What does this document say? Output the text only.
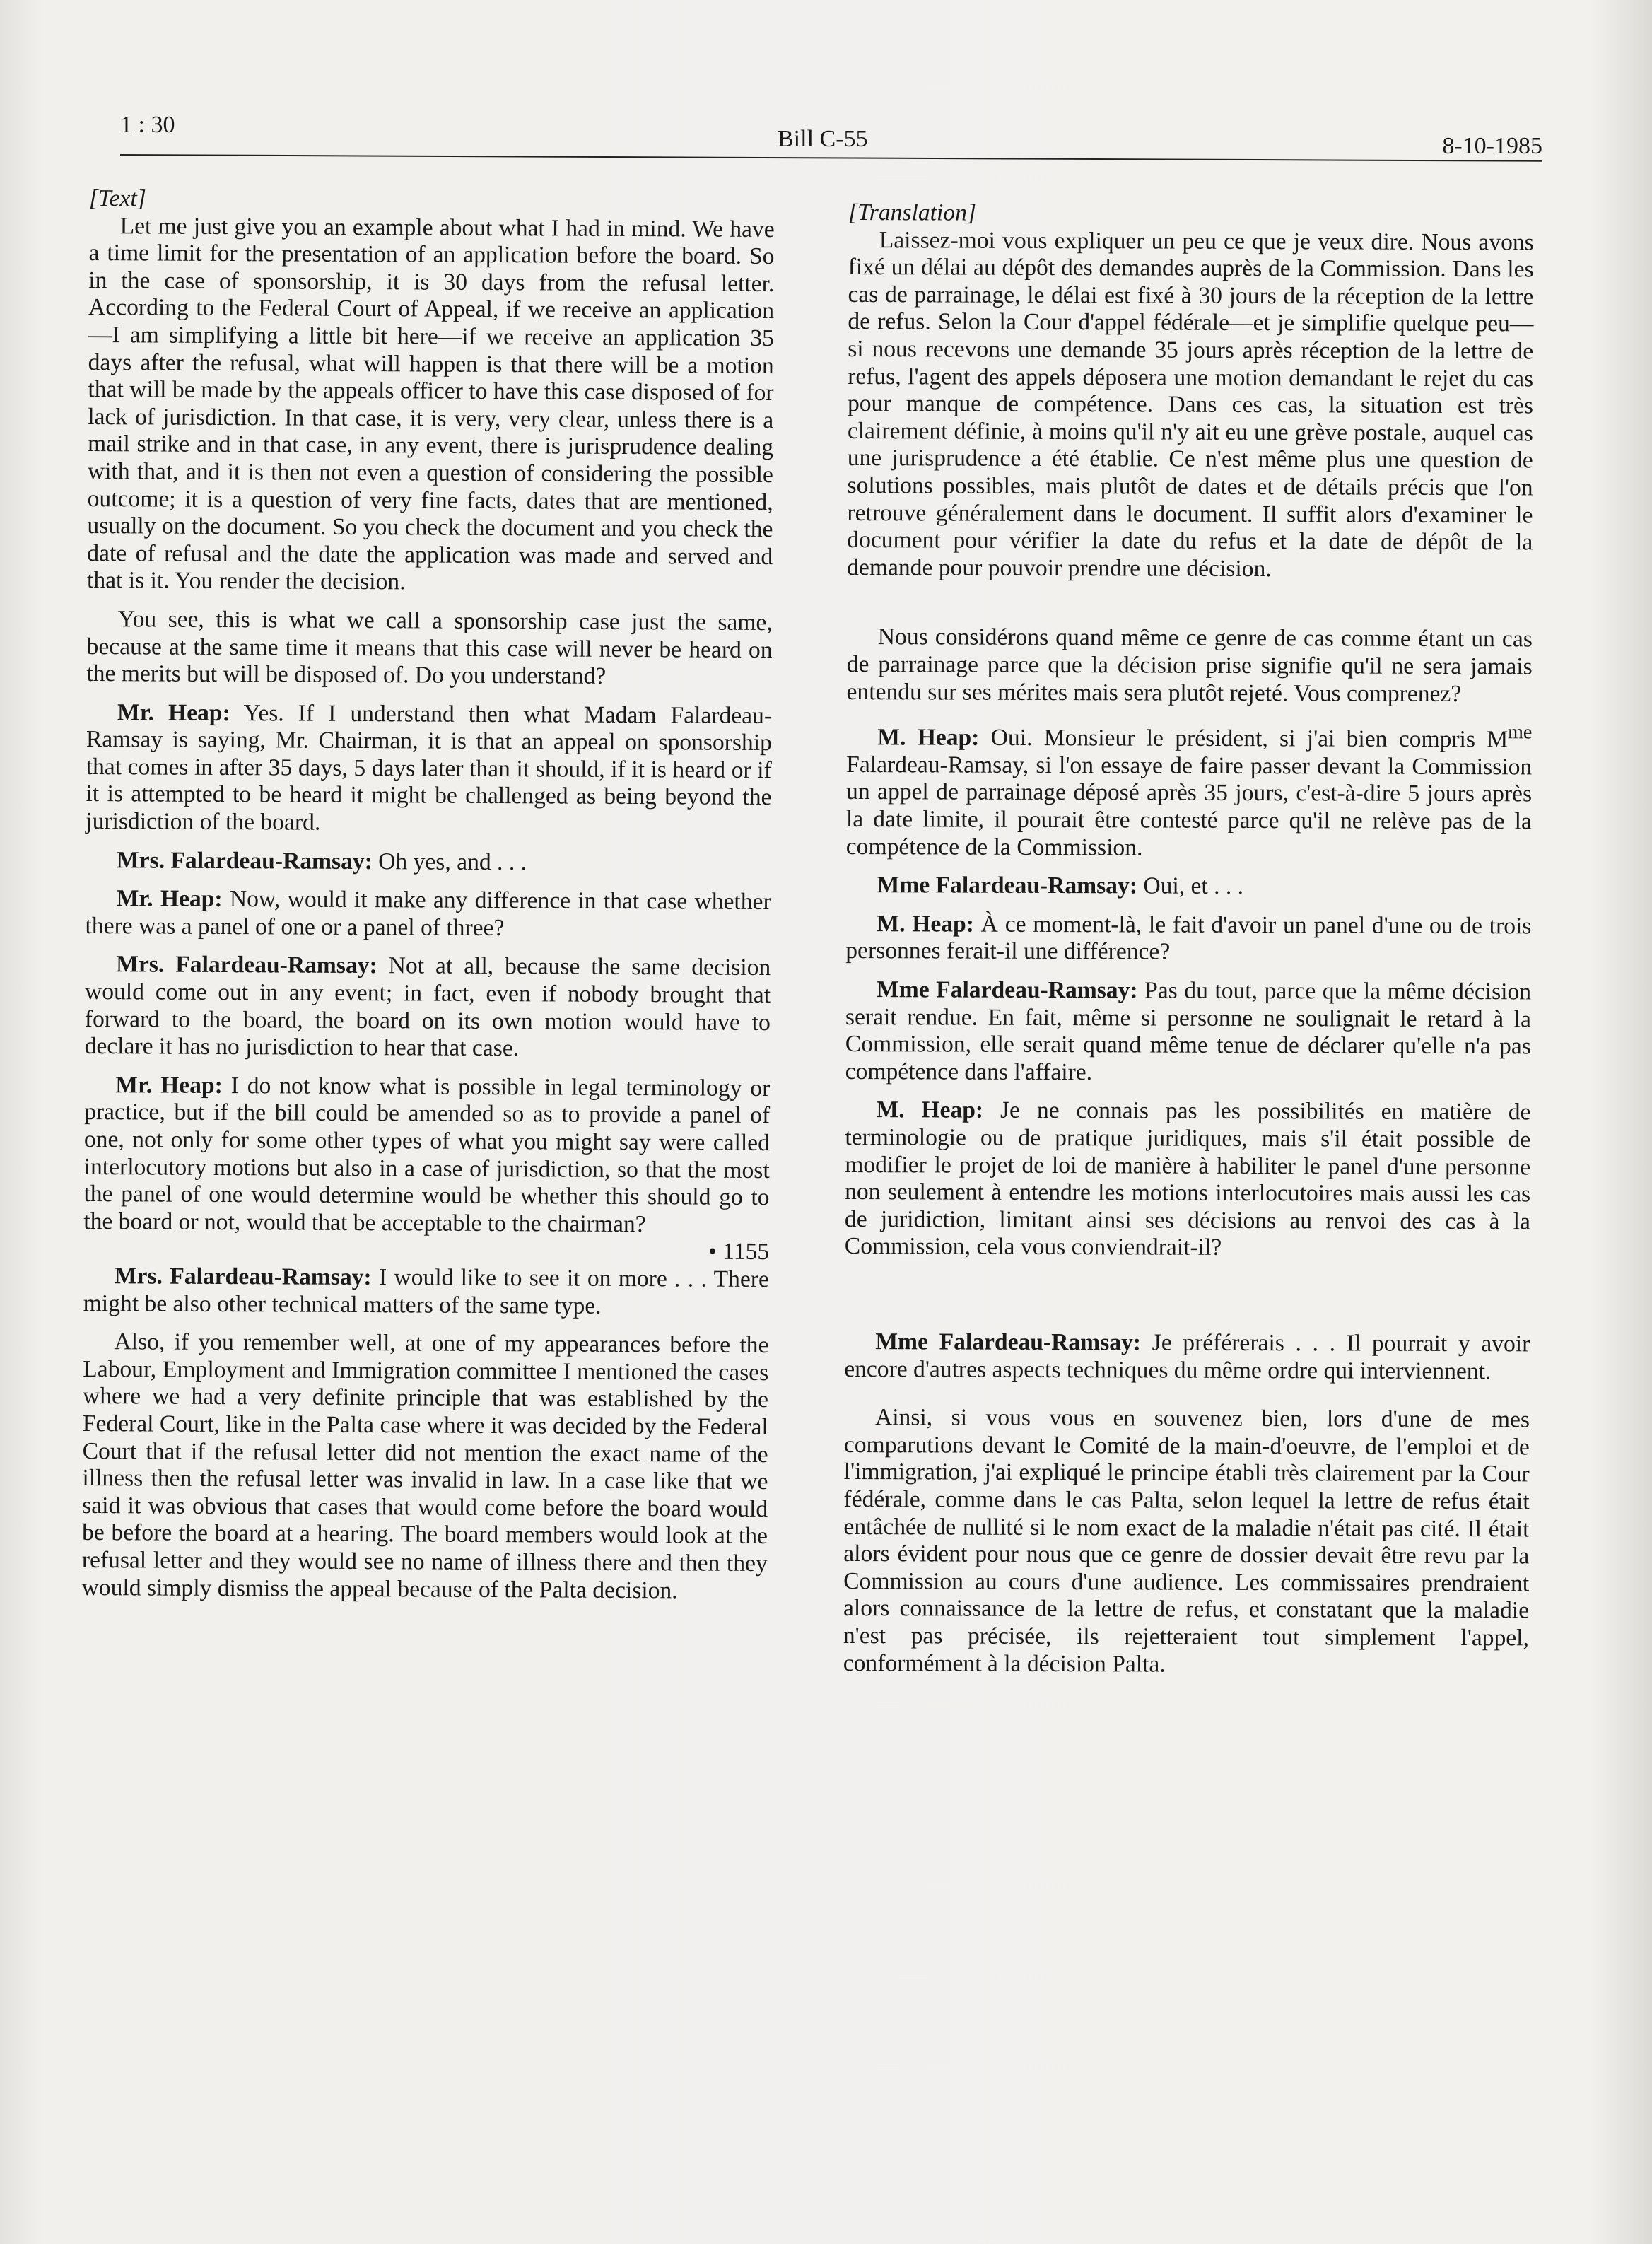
1 : 30
Bill C-55	8-10-1985

[Text]

Let me just give you an example about what I had in mind. We have a time limit for the presentation of an application before the board. So in the case of sponsorship, it is 30 days from the refusal letter. According to the Federal Court of Appeal, if we receive an application—I am simplifying a little bit here—if we receive an application 35 days after the refusal, what will happen is that there will be a motion that will be made by the appeals officer to have this case disposed of for lack of jurisdiction. In that case, it is very, very clear, unless there is a mail strike and in that case, in any event, there is jurisprudence dealing with that, and it is then not even a question of considering the possible outcome; it is a question of very fine facts, dates that are mentioned, usually on the document. So you check the document and you check the date of refusal and the date the application was made and served and that is it. You render the decision.

You see, this is what we call a sponsorship case just the same, because at the same time it means that this case will never be heard on the merits but will be disposed of. Do you understand?

Mr. Heap: Yes. If I understand then what Madam Falardeau-Ramsay is saying, Mr. Chairman, it is that an appeal on sponsorship that comes in after 35 days, 5 days later than it should, if it is heard or if it is attempted to be heard it might be challenged as being beyond the jurisdiction of the board.

Mrs. Falardeau-Ramsay: Oh yes, and . . .

Mr. Heap: Now, would it make any difference in that case whether there was a panel of one or a panel of three?

Mrs. Falardeau-Ramsay: Not at all, because the same decision would come out in any event; in fact, even if nobody brought that forward to the board, the board on its own motion would have to declare it has no jurisdiction to hear that case.

Mr. Heap: I do not know what is possible in legal terminology or practice, but if the bill could be amended so as to provide a panel of one, not only for some other types of what you might say were called interlocutory motions but also in a case of jurisdiction, so that the most the panel of one would determine would be whether this should go to the board or not, would that be acceptable to the chairman?

• 1155

Mrs. Falardeau-Ramsay: I would like to see it on more . . . There might be also other technical matters of the same type.

Also, if you remember well, at one of my appearances before the Labour, Employment and Immigration committee I mentioned the cases where we had a very definite principle that was established by the Federal Court, like in the Palta case where it was decided by the Federal Court that if the refusal letter did not mention the exact name of the illness then the refusal letter was invalid in law. In a case like that we said it was obvious that cases that would come before the board would be before the board at a hearing. The board members would look at the refusal letter and they would see no name of illness there and then they would simply dismiss the appeal because of the Palta decision.

[Translation]

Laissez-moi vous expliquer un peu ce que je veux dire. Nous avons fixé un délai au dépôt des demandes auprès de la Commission. Dans les cas de parrainage, le délai est fixé à 30 jours de la réception de la lettre de refus. Selon la Cour d'appel fédérale—et je simplifie quelque peu—si nous recevons une demande 35 jours après réception de la lettre de refus, l'agent des appels déposera une motion demandant le rejet du cas pour manque de compétence. Dans ces cas, la situation est très clairement définie, à moins qu'il n'y ait eu une grève postale, auquel cas une jurisprudence a été établie. Ce n'est même plus une question de solutions possibles, mais plutôt de dates et de détails précis que l'on retrouve généralement dans le document. Il suffit alors d'examiner le document pour vérifier la date du refus et la date de dépôt de la demande pour pouvoir prendre une décision.

Nous considérons quand même ce genre de cas comme étant un cas de parrainage parce que la décision prise signifie qu'il ne sera jamais entendu sur ses mérites mais sera plutôt rejeté. Vous comprenez?

M. Heap: Oui. Monsieur le président, si j'ai bien compris $M^{me}$ Falardeau-Ramsay, si l'on essaye de faire passer devant la Commission un appel de parrainage déposé après 35 jours, c'est-à-dire 5 jours après la date limite, il pourait être contesté parce qu'il ne relève pas de la compétence de la Commission.

Mme Falardeau-Ramsay: Oui, et . . .

M. Heap: À ce moment-là, le fait d'avoir un panel d'une ou de trois personnes ferait-il une différence?

Mme Falardeau-Ramsay: Pas du tout, parce que la même décision serait rendue. En fait, même si personne ne soulignait le retard à la Commission, elle serait quand même tenue de déclarer qu'elle n'a pas compétence dans l'affaire.

M. Heap: Je ne connais pas les possibilités en matière de terminologie ou de pratique juridiques, mais s'il était possible de modifier le projet de loi de manière à habiliter le panel d'une personne non seulement à entendre les motions interlocutoires mais aussi les cas de juridiction, limitant ainsi ses décisions au renvoi des cas à la Commission, cela vous conviendrait-il?

Mme Falardeau-Ramsay: Je préférerais . . . Il pourrait y avoir encore d'autres aspects techniques du même ordre qui interviennent.

Ainsi, si vous vous en souvenez bien, lors d'une de mes comparutions devant le Comité de la main-d'oeuvre, de l'emploi et de l'immigration, j'ai expliqué le principe établi très clairement par la Cour fédérale, comme dans le cas Palta, selon lequel la lettre de refus était entâchée de nullité si le nom exact de la maladie n'était pas cité. Il était alors évident pour nous que ce genre de dossier devait être revu par la Commission au cours d'une audience. Les commissaires prendraient alors connaissance de la lettre de refus, et constatant que la maladie n'est pas précisée, ils rejetteraient tout simplement l'appel, conformément à la décision Palta.
